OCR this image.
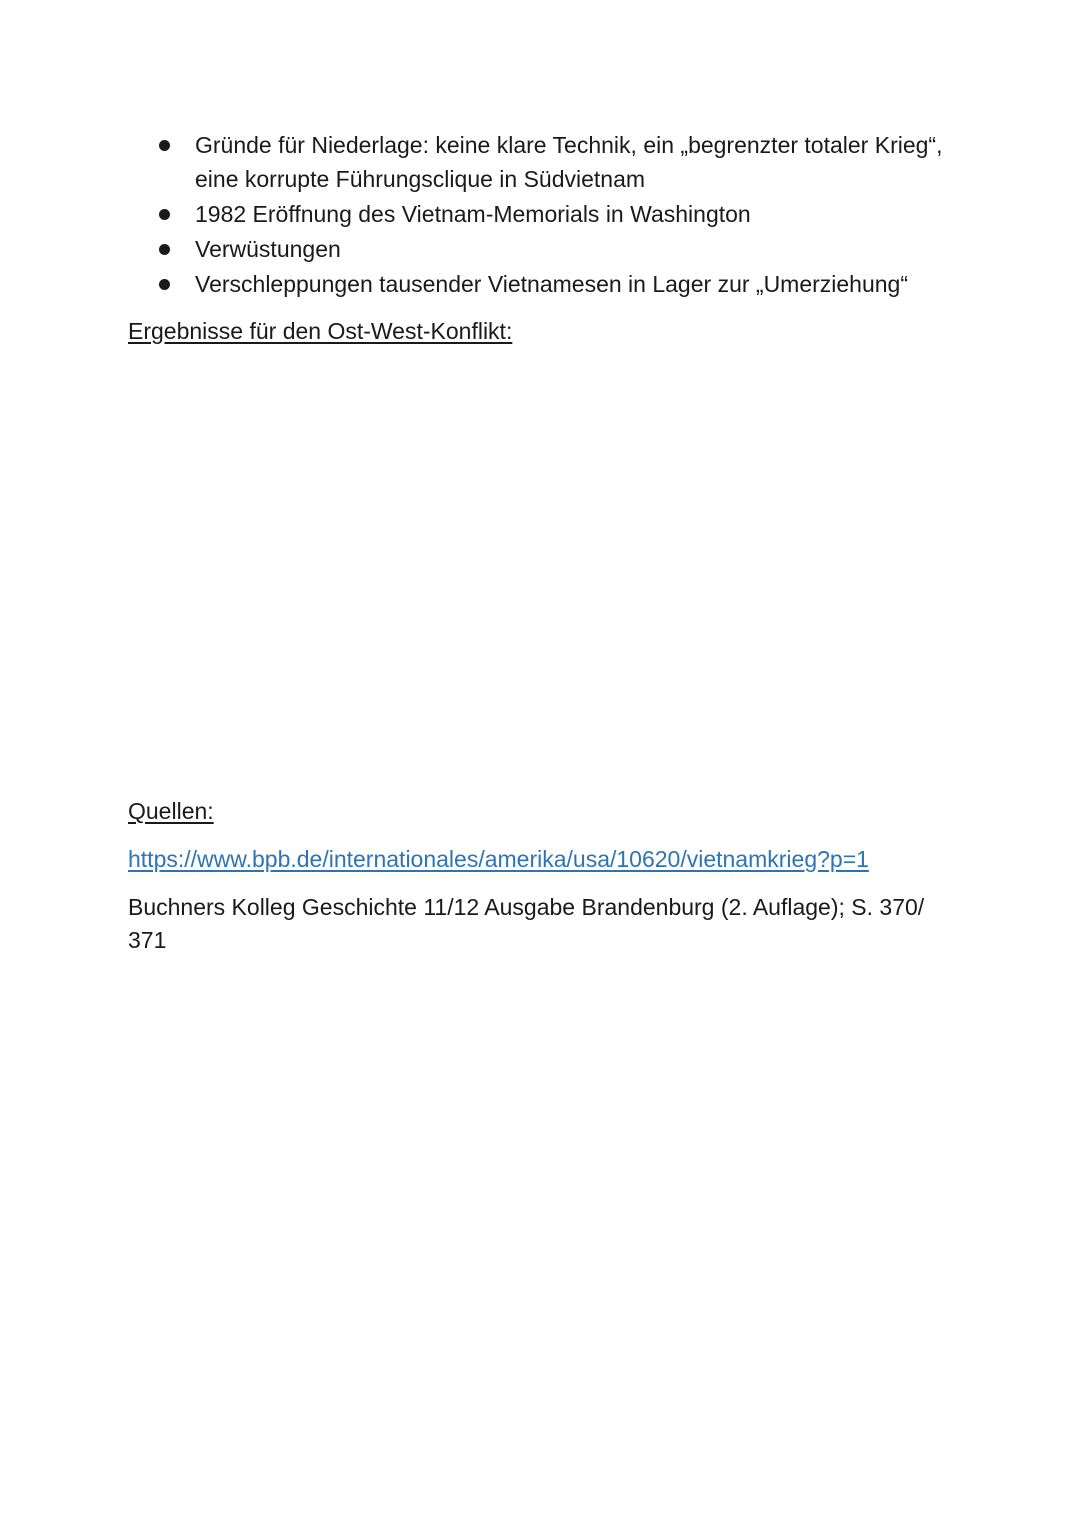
Gründe für Niederlage: keine klare Technik, ein „begrenzter totaler Krieg“, eine korrupte Führungsclique in Südvietnam
1982 Eröffnung des Vietnam-Memorials in Washington
Verwüstungen
Verschleppungen tausender Vietnamesen in Lager zur „Umerziehung“
Ergebnisse für den Ost-West-Konflikt:
Quellen:
https://www.bpb.de/internationales/amerika/usa/10620/vietnamkrieg?p=1

Buchners Kolleg Geschichte 11/12 Ausgabe Brandenburg (2. Auflage); S. 370/ 371
